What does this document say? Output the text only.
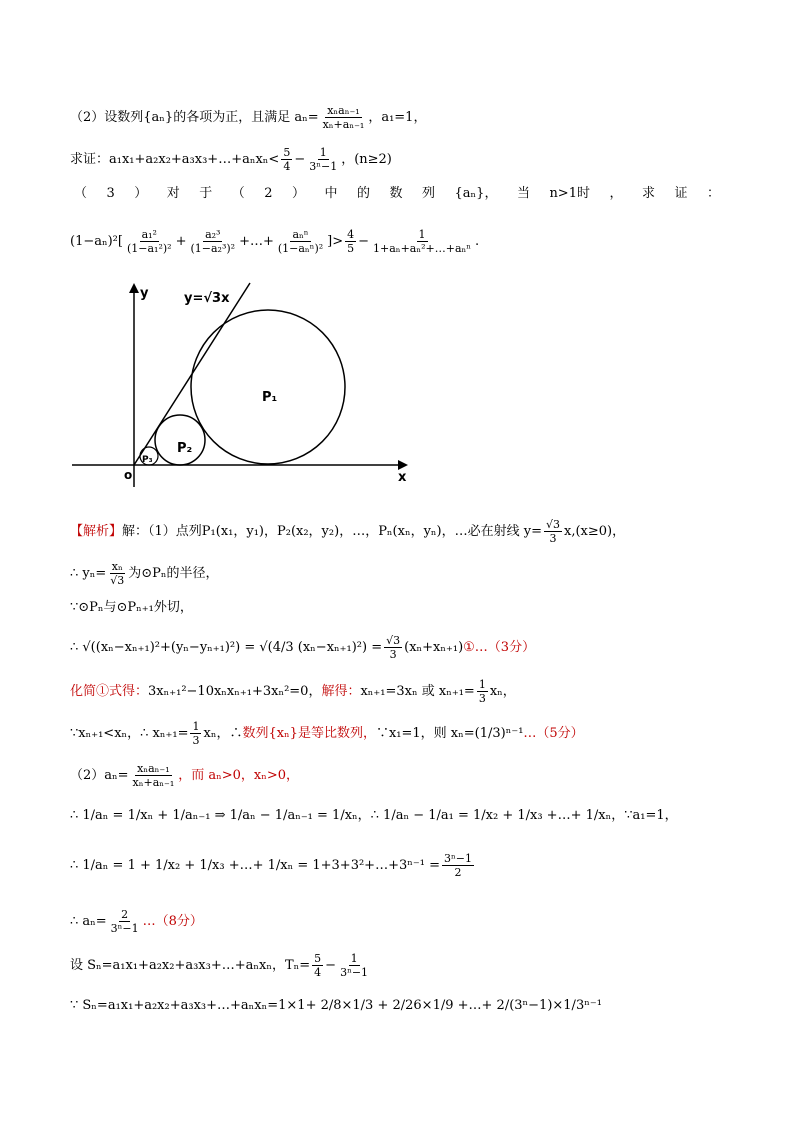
（2）设数列{aₙ}的各项为正，且满足 $a_n= \frac{\text{xₙaₙ₋₁}}{\text{xₙ+aₙ₋₁}}$ ，a₁=1，
求证：a₁x₁+a₂x₂+a₃x₃+…+aₙxₙ< $\frac{5}{4} - \frac{1}{\text{3ⁿ−1}}$ ，(n≥2)
（ 3 ） 对 于 （ 2 ） 中 的 数 列 {aₙ}， 当 n>1时 ， 求 证 ：
$(1-a_n)^2[ \frac{\text{a₁²}}{\text{(1−a₁²)²}} + \frac{\text{a₂³}}{\text{(1−a₂³)²}}$ +…+ $\frac{\text{aₙⁿ}}{\text{(1−aₙⁿ)²}}$ ]> $\frac{4}{5} - \frac{1}{\text{1+aₙ+aₙ²+…+aₙⁿ}}$ .
y
x
o
y=√3x
P₁
P₂
P₃
【解析】解：（1）点列P₁(x₁，y₁)，P₂(x₂，y₂)，…，Pₙ(xₙ，yₙ)，…必在射线 $y= \frac{√3}{3} x,(x\ge 0)$，
∴ $y_n= \frac{\text{xₙ}}{√3}$ 为⊙Pₙ的半径，
∵⊙Pₙ与⊙Pₙ₊₁外切，
∴ √((xₙ−xₙ₊₁)²+(yₙ−yₙ₊₁)²) = √(4/3 $(x_n-x_{n+1})^2) = \frac{√3}{3}$ (xₙ+xₙ₊₁)①…（3分）
化简①式得：3xₙ₊₁²−10xₙxₙ₊₁+3xₙ²=0，解得：xₙ₊₁=3xₙ 或 $x_{n+1}= \frac{1}{3}$ xₙ，
∵xₙ₊₁<xₙ，∴ $x_{n+1}= \frac{1}{3}$ xₙ，∴数列{xₙ}是等比数列，∵x₁=1，则 xₙ=(1/3)ⁿ⁻¹…（5分）
$(2)a_n= \frac{\text{xₙaₙ₋₁}}{\text{xₙ+aₙ₋₁}}$ ，而 aₙ>0，xₙ>0，
∴ 1/aₙ = 1/xₙ + 1/aₙ₋₁ ⇒ 1/aₙ − 1/aₙ₋₁ = 1/xₙ，∴ 1/aₙ − 1/a₁ = 1/x₂ + 1/x₃ +…+ 1/xₙ，∵a₁=1，
∴ 1/aₙ = 1 + 1/x₂ + 1/x₃ +…+ 1/xₙ = 1+3+3²+…+3ⁿ⁻¹ = $\frac{\text{3ⁿ−1}}{2}$
∴ $a_n= \frac{2}{\text{3ⁿ−1}}$ …（8分）
设 Sₙ=a₁x₁+a₂x₂+a₃x₃+…+aₙxₙ，$T_n= \frac{5}{4} - \frac{1}{\text{3ⁿ−1}}$
∵ Sₙ=a₁x₁+a₂x₂+a₃x₃+…+aₙxₙ=1×1+ 2/8×1/3 + 2/26×1/9 +…+ 2/(3ⁿ−1)×1/3ⁿ⁻¹
